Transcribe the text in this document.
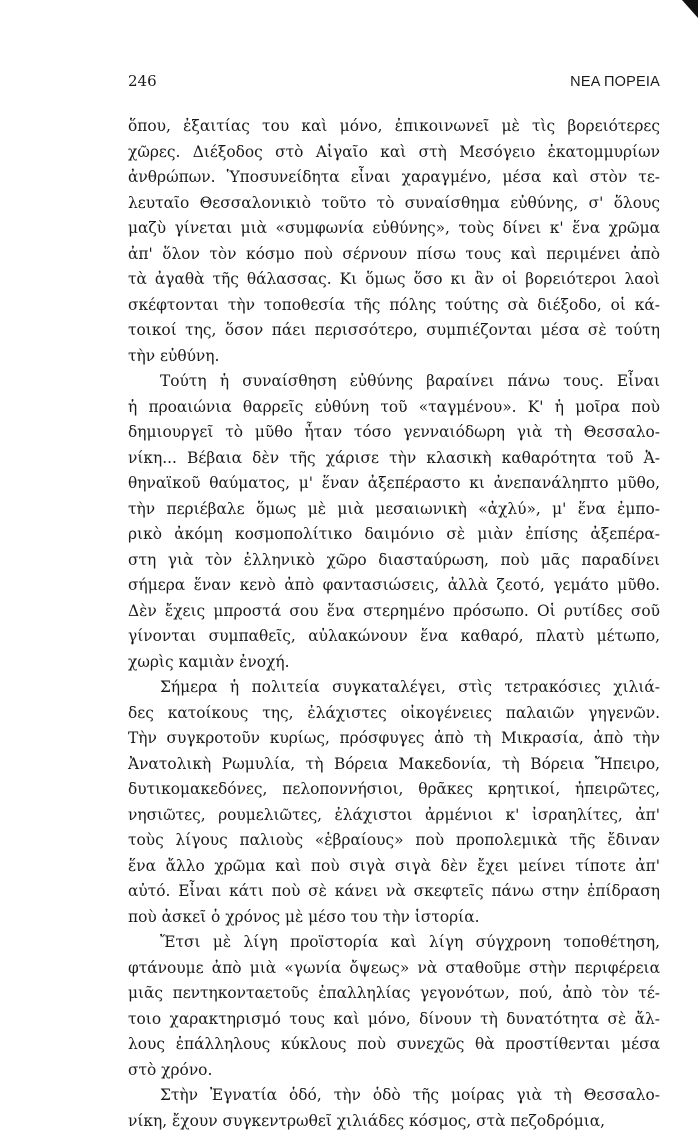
246	ΝΕΑ ΠΟΡΕΙΑ

ὅπου, ἐξαιτίας του καὶ μόνο, ἐπικοινωνεῖ μὲ τὶς βορειότερες
χῶρες. Διέξοδος στὸ Αἰγαῖο καὶ στὴ Μεσόγειο ἑκατομμυρίων
ἀνθρώπων. Ὑποσυνείδητα εἶναι χαραγμένο, μέσα καὶ στὸν τε-
λευταῖο Θεσσαλονικιὸ τοῦτο τὸ συναίσθημα εὐθύνης, σ' ὅλους
μαζὺ γίνεται μιὰ «συμφωνία εὐθύνης», τοὺς δίνει κ' ἕνα χρῶμα
ἀπ' ὅλον τὸν κόσμο ποὺ σέρνουν πίσω τους καὶ περιμένει ἀπὸ
τὰ ἀγαθὰ τῆς θάλασσας. Κι ὅμως ὅσο κι ἂν οἱ βορειότεροι λαοὶ
σκέφτονται τὴν τοποθεσία τῆς πόλης τούτης σὰ διέξοδο, οἱ κά-
τοικοί της, ὅσον πάει περισσότερο, συμπιέζονται μέσα σὲ τούτη
τὴν εὐθύνη.

Τούτη ἡ συναίσθηση εὐθύνης βαραίνει πάνω τους. Εἶναι
ἡ προαιώνια θαρρεῖς εὐθύνη τοῦ «ταγμένου». Κ' ἡ μοῖρα ποὺ
δημιουργεῖ τὸ μῦθο ἦταν τόσο γενναιόδωρη γιὰ τὴ Θεσσαλο-
νίκη... Βέβαια δὲν τῆς χάρισε τὴν κλασικὴ καθαρότητα τοῦ Ἀ-
θηναϊκοῦ θαύματος, μ' ἕναν ἀξεπέραστο κι ἀνεπανάληπτο μῦθο,
τὴν περιέβαλε ὅμως μὲ μιὰ μεσαιωνικὴ «ἀχλύ», μ' ἕνα ἐμπο-
ρικὸ ἀκόμη κοσμοπολίτικο δαιμόνιο σὲ μιὰν ἐπίσης ἀξεπέρα-
στη γιὰ τὸν ἑλληνικὸ χῶρο διασταύρωση, ποὺ μᾶς παραδίνει
σήμερα ἕναν κενὸ ἀπὸ φαντασιώσεις, ἀλλὰ ζεοτό, γεμάτο μῦθο.
Δὲν ἔχεις μπροστά σου ἕνα στερημένο πρόσωπο. Οἱ ρυτίδες σοῦ
γίνονται συμπαθεῖς, αὐλακώνουν ἕνα καθαρό, πλατὺ μέτωπο,
χωρὶς καμιὰν ἐνοχή.

Σήμερα ἡ πολιτεία συγκαταλέγει, στὶς τετρακόσιες χιλιά-
δες κατοίκους της, ἐλάχιστες οἰκογένειες παλαιῶν γηγενῶν.
Τὴν συγκροτοῦν κυρίως, πρόσφυγες ἀπὸ τὴ Μικρασία, ἀπὸ τὴν
Ἀνατολικὴ Ρωμυλία, τὴ Βόρεια Μακεδονία, τὴ Βόρεια Ἤπειρο,
δυτικομακεδόνες, πελοποννήσιοι, θρᾶκες κρητικοί, ἠπειρῶτες,
νησιῶτες, ρουμελιῶτες, ἐλάχιστοι ἀρμένιοι κ' ἰσραηλίτες, ἀπ'
τοὺς λίγους παλιοὺς «ἑβραίους» ποὺ προπολεμικὰ τῆς ἔδιναν
ἕνα ἄλλο χρῶμα καὶ ποὺ σιγὰ σιγὰ δὲν ἔχει μείνει τίποτε ἀπ'
αὐτό. Εἶναι κάτι ποὺ σὲ κάνει νὰ σκεφτεῖς πάνω στην ἐπίδραση
ποὺ ἀσκεῖ ὁ χρόνος μὲ μέσο του τὴν ἱστορία.

Ἔτσι μὲ λίγη προϊστορία καὶ λίγη σύγχρονη τοποθέτηση,
φτάνουμε ἀπὸ μιὰ «γωνία ὄψεως» νὰ σταθοῦμε στὴν περιφέρεια
μιᾶς πεντηκονταετοῦς ἐπαλληλίας γεγονότων, πού, ἀπὸ τὸν τέ-
τοιο χαρακτηρισμό τους καὶ μόνο, δίνουν τὴ δυνατότητα σὲ ἄλ-
λους ἐπάλληλους κύκλους ποὺ συνεχῶς θὰ προστίθενται μέσα
στὸ χρόνο.

Στὴν Ἐγνατία ὁδό, τὴν ὁδὸ τῆς μοίρας γιὰ τὴ Θεσσαλο-
νίκη, ἔχουν συγκεντρωθεῖ χιλιάδες κόσμος, στὰ πεζοδρόμια,
